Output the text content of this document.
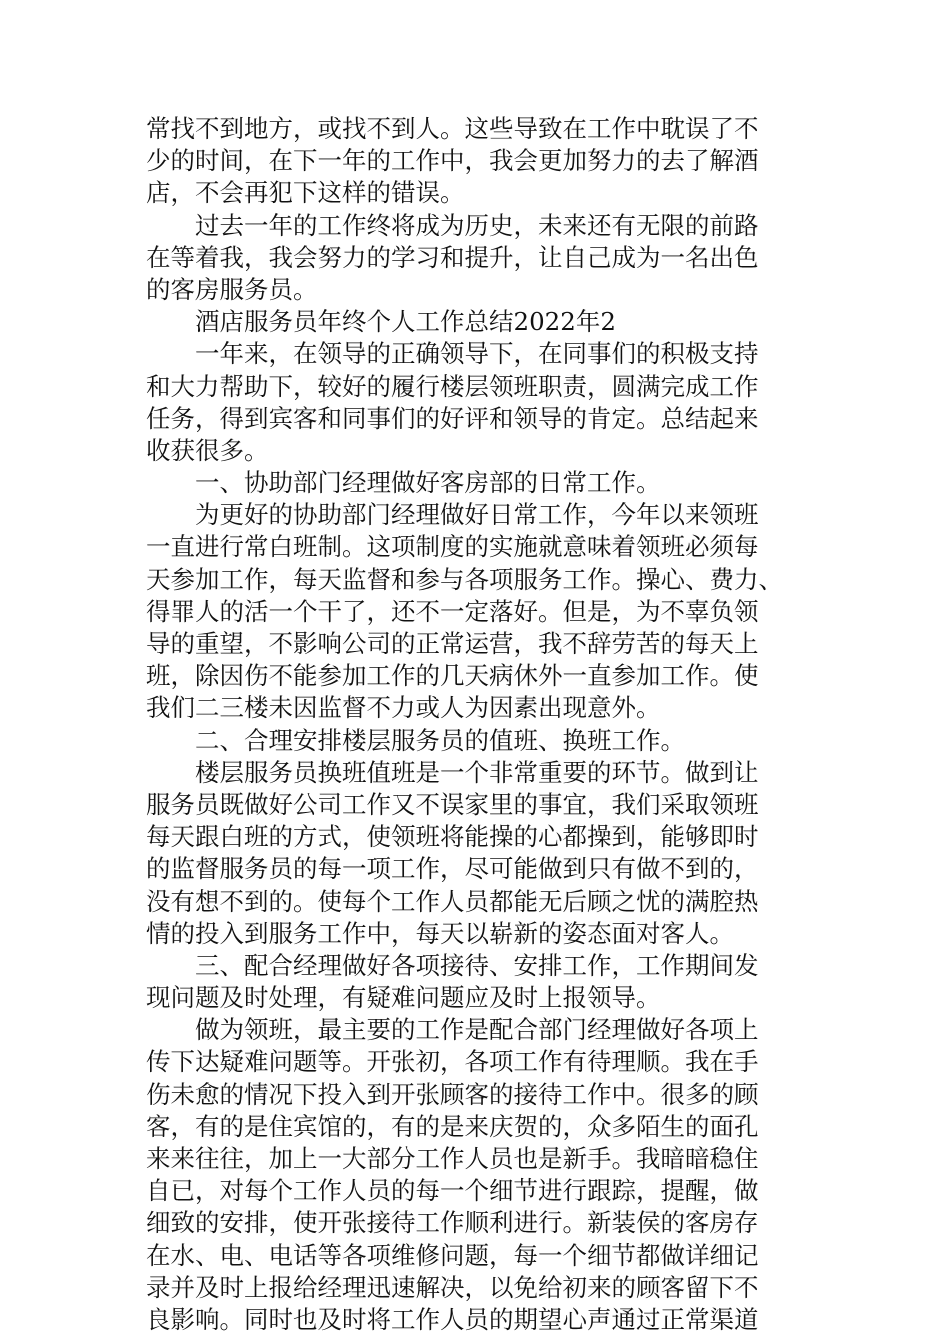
常找不到地方，或找不到人。这些导致在工作中耽误了不
少的时间，在下一年的工作中，我会更加努力的去了解酒
店，不会再犯下这样的错误。
过去一年的工作终将成为历史，未来还有无限的前路
在等着我，我会努力的学习和提升，让自己成为一名出色
的客房服务员。
酒店服务员年终个人工作总结2022年2
一年来，在领导的正确领导下，在同事们的积极支持
和大力帮助下，较好的履行楼层领班职责，圆满完成工作
任务，得到宾客和同事们的好评和领导的肯定。总结起来
收获很多。
一、协助部门经理做好客房部的日常工作。
为更好的协助部门经理做好日常工作，今年以来领班
一直进行常白班制。这项制度的实施就意味着领班必须每
天参加工作，每天监督和参与各项服务工作。操心、费力、
得罪人的活一个干了，还不一定落好。但是，为不辜负领
导的重望，不影响公司的正常运营，我不辞劳苦的每天上
班，除因伤不能参加工作的几天病休外一直参加工作。使
我们二三楼未因监督不力或人为因素出现意外。
二、合理安排楼层服务员的值班、换班工作。
楼层服务员换班值班是一个非常重要的环节。做到让
服务员既做好公司工作又不误家里的事宜，我们采取领班
每天跟白班的方式，使领班将能操的心都操到，能够即时
的监督服务员的每一项工作，尽可能做到只有做不到的，
没有想不到的。使每个工作人员都能无后顾之忧的满腔热
情的投入到服务工作中，每天以崭新的姿态面对客人。
三、配合经理做好各项接待、安排工作，工作期间发
现问题及时处理，有疑难问题应及时上报领导。
做为领班，最主要的工作是配合部门经理做好各项上
传下达疑难问题等。开张初，各项工作有待理顺。我在手
伤未愈的情况下投入到开张顾客的接待工作中。很多的顾
客，有的是住宾馆的，有的是来庆贺的，众多陌生的面孔
来来往往，加上一大部分工作人员也是新手。我暗暗稳住
自已，对每个工作人员的每一个细节进行跟踪，提醒，做
细致的安排，使开张接待工作顺利进行。新装侯的客房存
在水、电、电话等各项维修问题，每一个细节都做详细记
录并及时上报给经理迅速解决，以免给初来的顾客留下不
良影响。同时也及时将工作人员的期望心声通过正常渠道
